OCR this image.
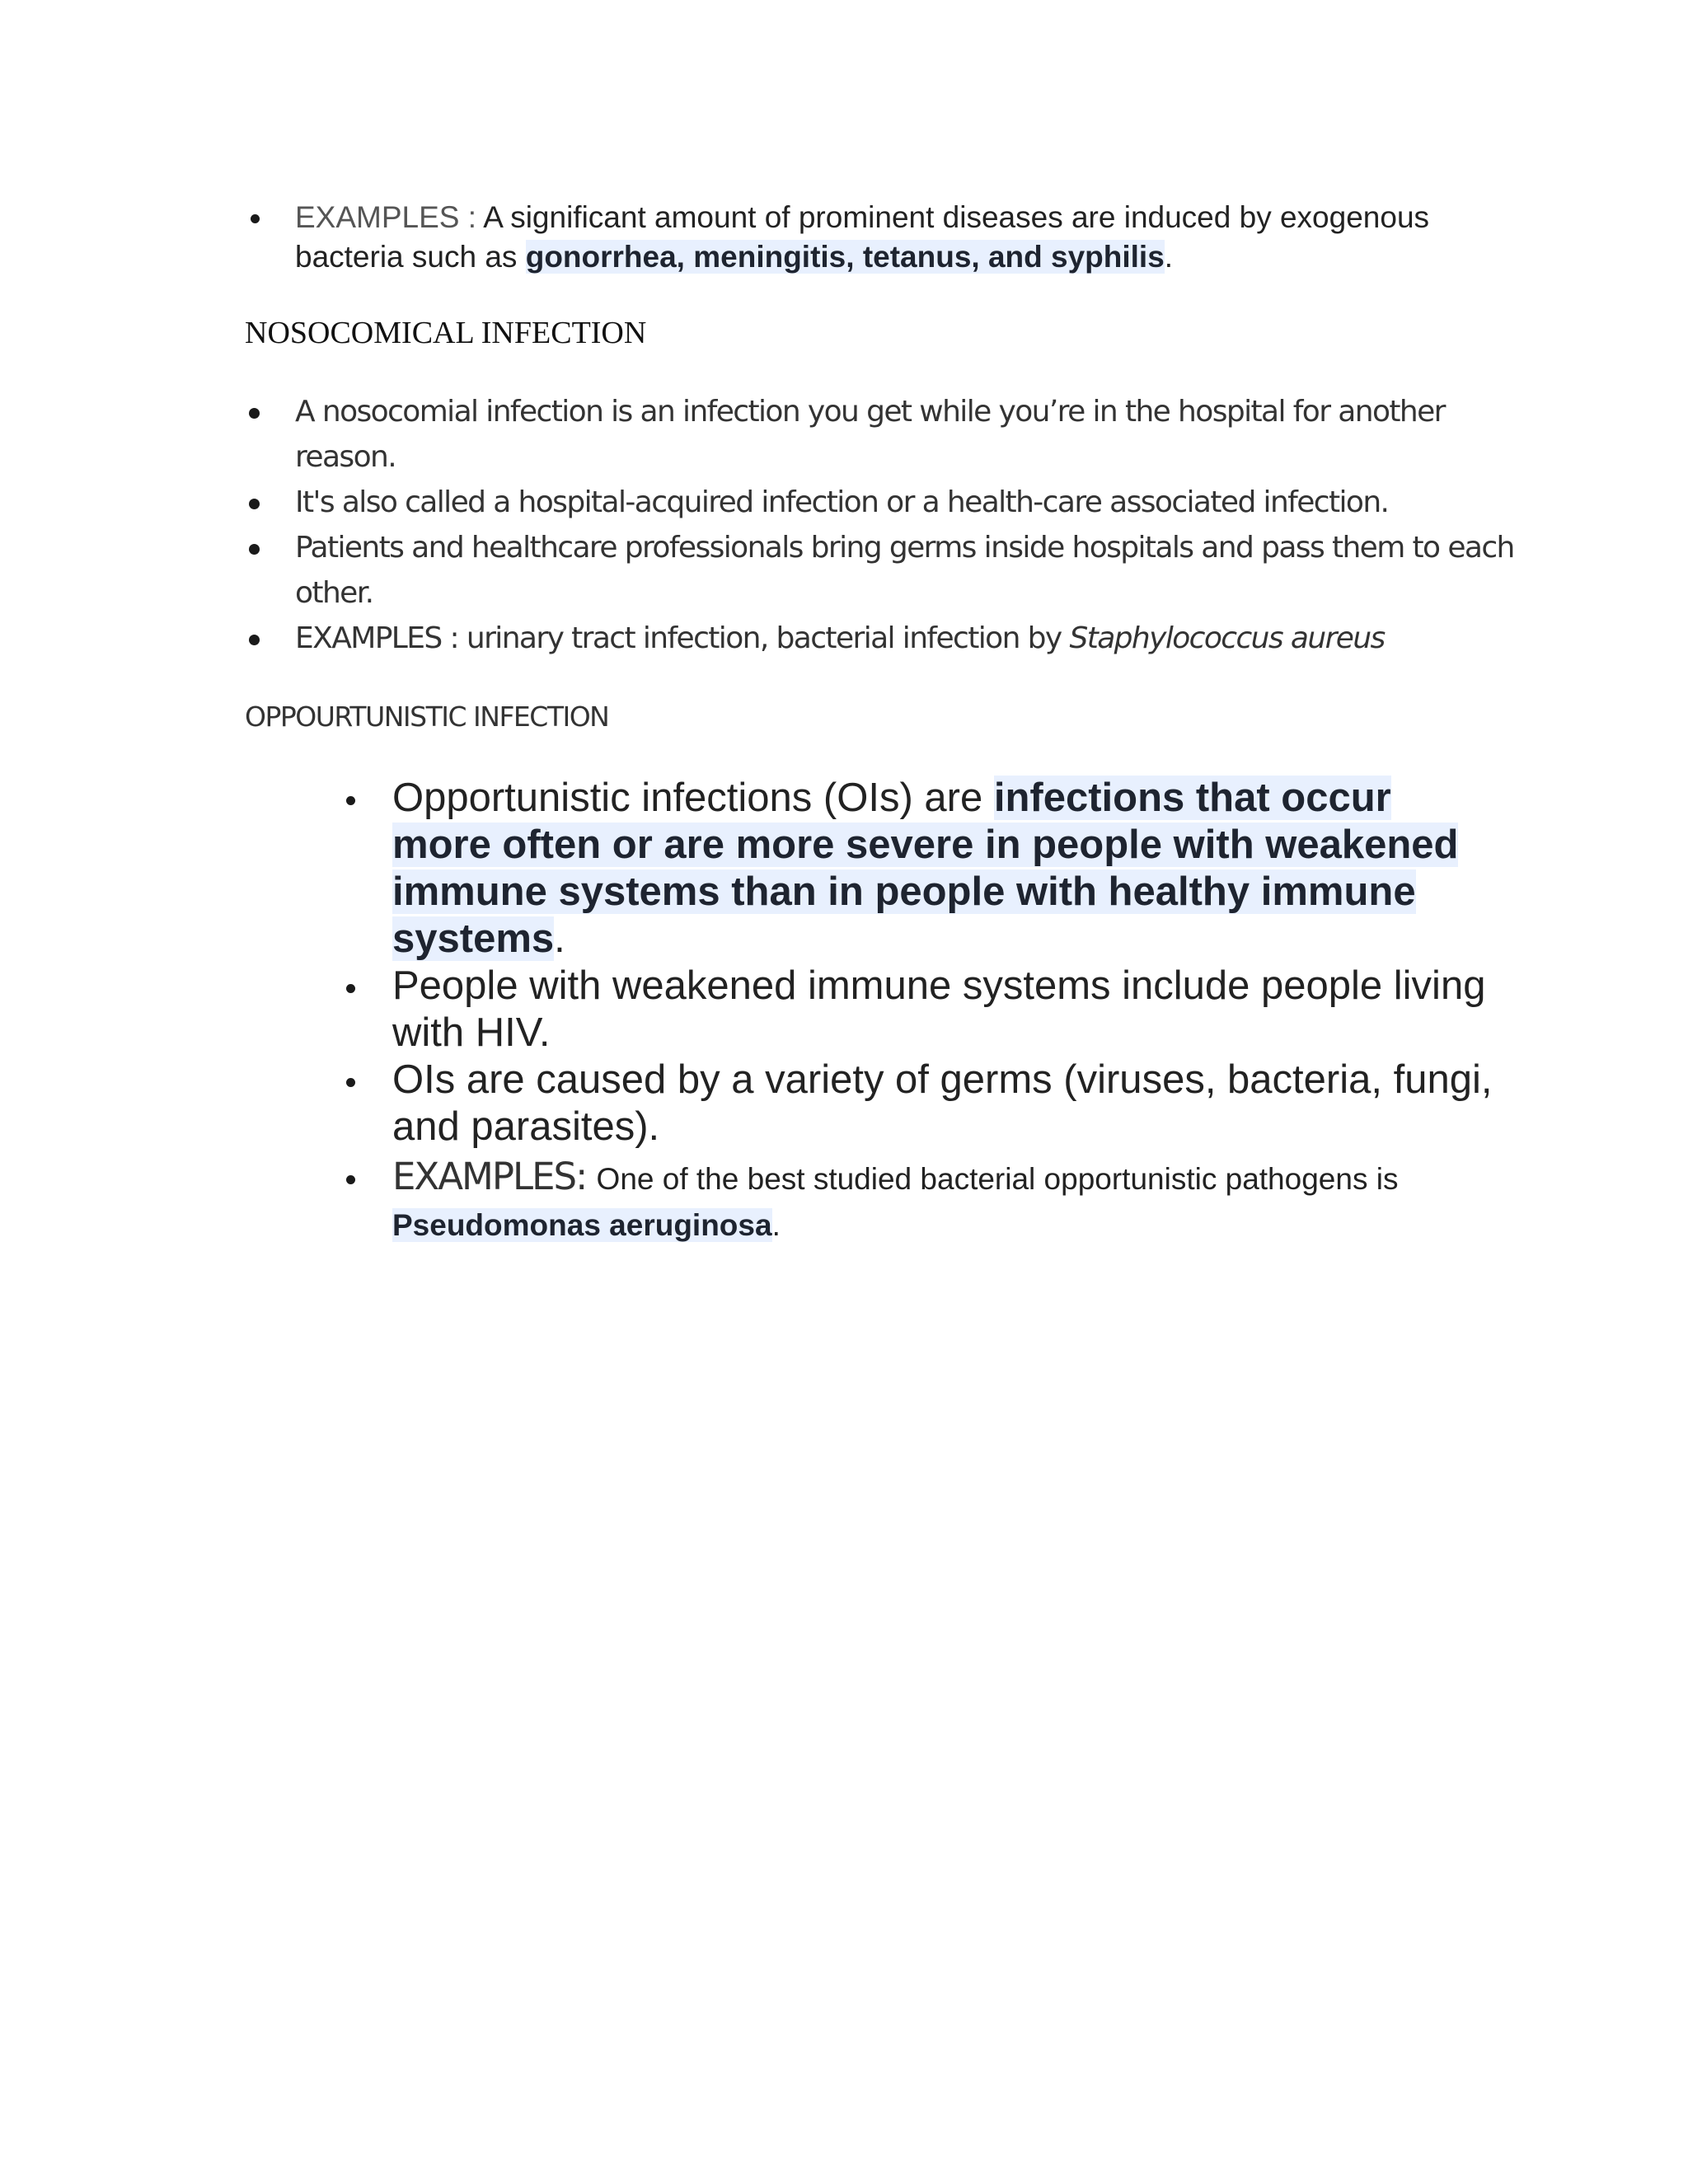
EXAMPLES : A significant amount of prominent diseases are induced by exogenous bacteria such as gonorrhea, meningitis, tetanus, and syphilis.
NOSOCOMICAL INFECTION
A nosocomial infection is an infection you get while you’re in the hospital for another reason.
It's also called a hospital-acquired infection or a health-care associated infection.
Patients and healthcare professionals bring germs inside hospitals and pass them to each other.
EXAMPLES : urinary tract infection, bacterial infection by Staphylococcus aureus
OPPOURTUNISTIC INFECTION
Opportunistic infections (OIs) are infections that occur more often or are more severe in people with weakened immune systems than in people with healthy immune systems.
People with weakened immune systems include people living with HIV.
OIs are caused by a variety of germs (viruses, bacteria, fungi, and parasites).
EXAMPLES: One of the best studied bacterial opportunistic pathogens is Pseudomonas aeruginosa.
